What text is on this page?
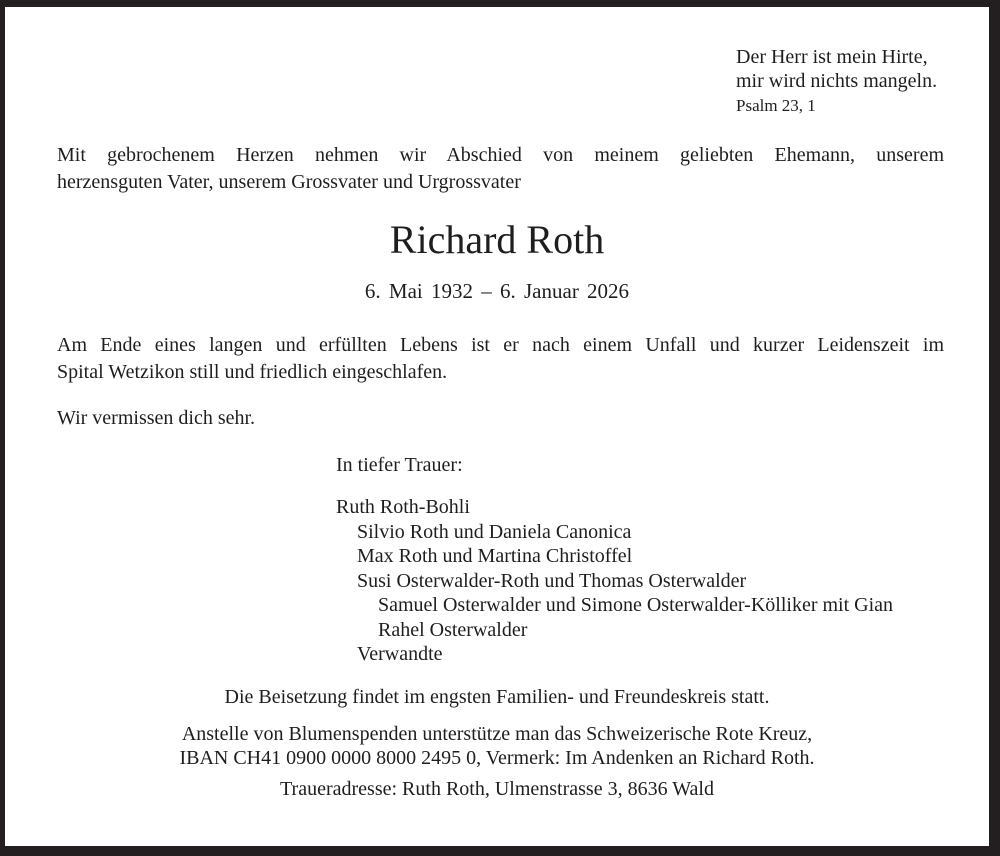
Der Herr ist mein Hirte,
mir wird nichts mangeln.
Psalm 23, 1
Mit gebrochenem Herzen nehmen wir Abschied von meinem geliebten Ehemann, unserem
herzensguten Vater, unserem Grossvater und Urgrossvater
Richard Roth
6. Mai 1932 – 6. Januar 2026
Am Ende eines langen und erfüllten Lebens ist er nach einem Unfall und kurzer Leidenszeit im
Spital Wetzikon still und friedlich eingeschlafen.
Wir vermissen dich sehr.
In tiefer Trauer:
Ruth Roth-Bohli
Silvio Roth und Daniela Canonica
Max Roth und Martina Christoffel
Susi Osterwalder-Roth und Thomas Osterwalder
Samuel Osterwalder und Simone Osterwalder-Kölliker mit Gian
Rahel Osterwalder
Verwandte
Die Beisetzung findet im engsten Familien- und Freundeskreis statt.
Anstelle von Blumenspenden unterstütze man das Schweizerische Rote Kreuz,
IBAN CH41 0900 0000 8000 2495 0, Vermerk: Im Andenken an Richard Roth.
Traueradresse: Ruth Roth, Ulmenstrasse 3, 8636 Wald
